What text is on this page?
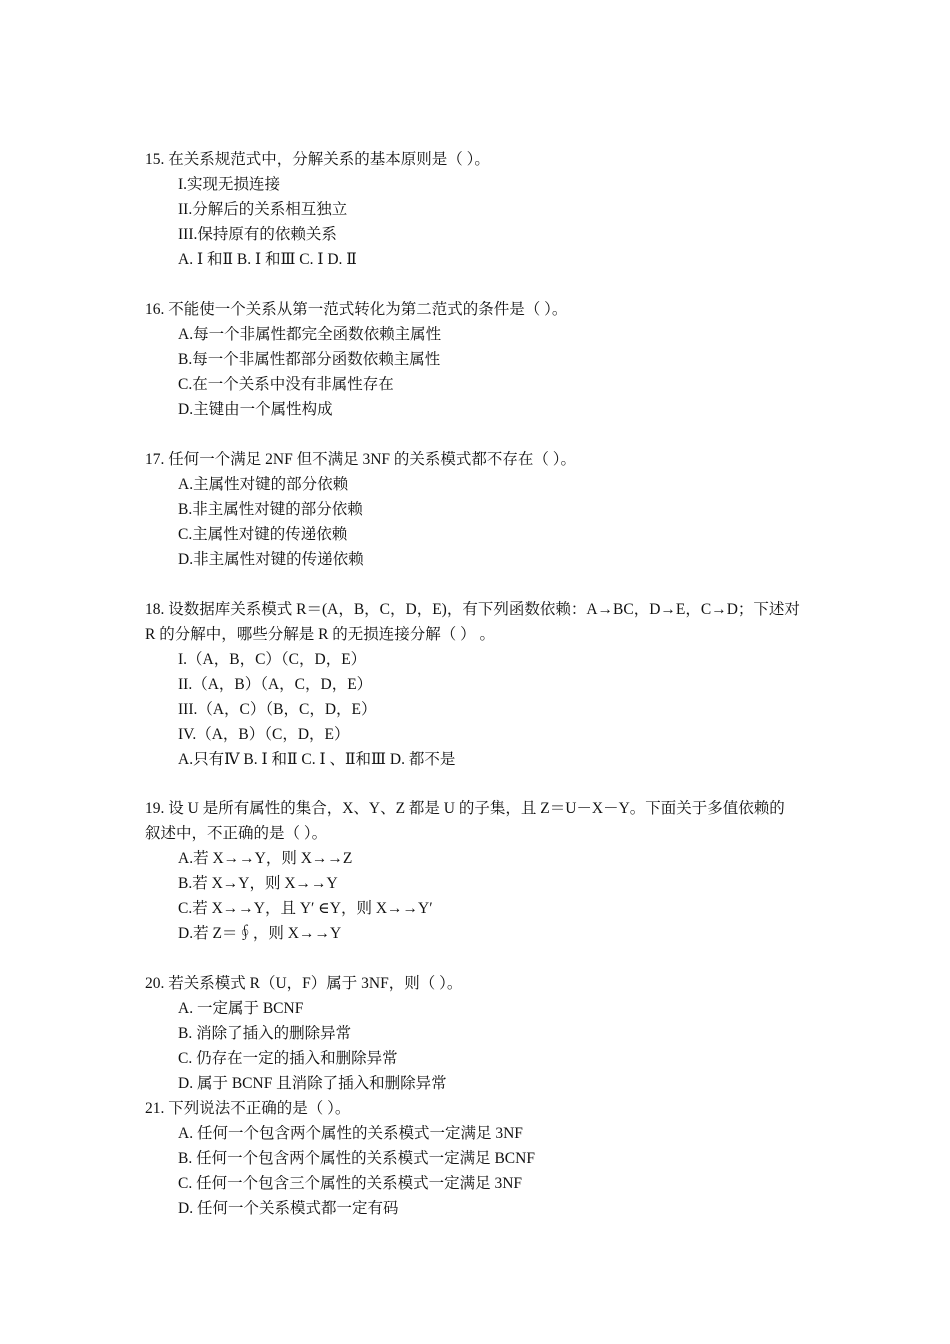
15. 在关系规范式中，分解关系的基本原则是（ ）。
I.实现无损连接
II.分解后的关系相互独立
III.保持原有的依赖关系
A. Ⅰ 和Ⅱ B. Ⅰ 和Ⅲ C. Ⅰ D. Ⅱ
16. 不能使一个关系从第一范式转化为第二范式的条件是（ ）。
A.每一个非属性都完全函数依赖主属性
B.每一个非属性都部分函数依赖主属性
C.在一个关系中没有非属性存在
D.主键由一个属性构成
17. 任何一个满足 2NF 但不满足 3NF 的关系模式都不存在（ ）。
A.主属性对键的部分依赖
B.非主属性对键的部分依赖
C.主属性对键的传递依赖
D.非主属性对键的传递依赖
18. 设数据库关系模式 R＝(A，B，C，D，E)，有下列函数依赖：A→BC，D→E，C→D；下述对
R 的分解中，哪些分解是 R 的无损连接分解（ ） 。
I.（A，B，C）（C，D，E）
II.（A，B）（A，C，D，E）
III.（A，C）（B，C，D，E）
IV.（A，B）（C，D，E）
A.只有Ⅳ B. Ⅰ 和Ⅱ C. Ⅰ 、Ⅱ和Ⅲ D. 都不是
19. 设 U 是所有属性的集合，X、Y、Z 都是 U 的子集，且 Z＝U－X－Y。下面关于多值依赖的
叙述中，不正确的是（ ）。
A.若 X→→Y，则 X→→Z
B.若 X→Y，则 X→→Y
C.若 X→→Y，且 Y′ ∈Y，则 X→→Y′
D.若 Z＝∮，则 X→→Y
20. 若关系模式 R（U，F）属于 3NF，则（ ）。
A. 一定属于 BCNF
B. 消除了插入的删除异常
C. 仍存在一定的插入和删除异常
D. 属于 BCNF 且消除了插入和删除异常
21. 下列说法不正确的是（ ）。
A. 任何一个包含两个属性的关系模式一定满足 3NF
B. 任何一个包含两个属性的关系模式一定满足 BCNF
C. 任何一个包含三个属性的关系模式一定满足 3NF
D. 任何一个关系模式都一定有码
